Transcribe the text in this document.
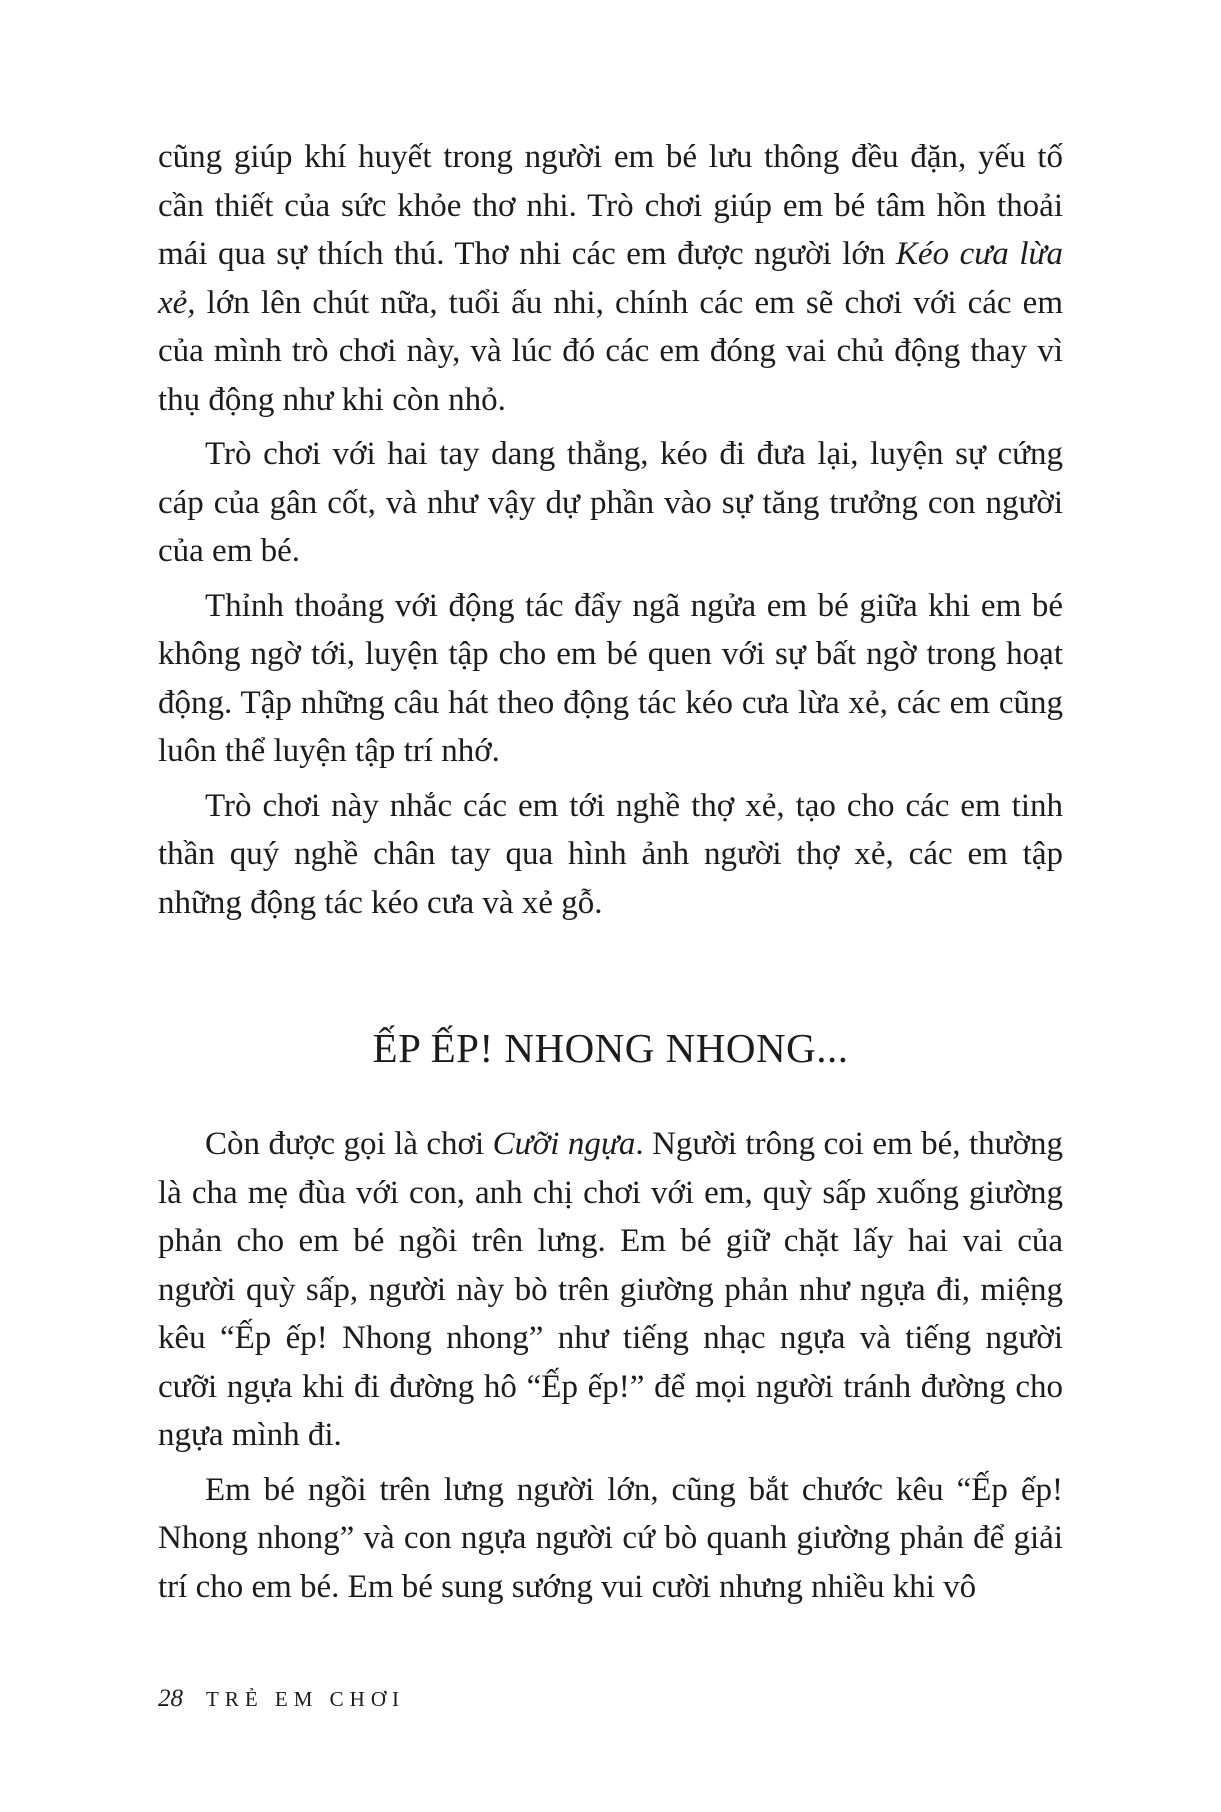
cũng giúp khí huyết trong người em bé lưu thông đều đặn, yếu tố cần thiết của sức khỏe thơ nhi. Trò chơi giúp em bé tâm hồn thoải mái qua sự thích thú. Thơ nhi các em được người lớn Kéo cưa lừa xẻ, lớn lên chút nữa, tuổi ấu nhi, chính các em sẽ chơi với các em của mình trò chơi này, và lúc đó các em đóng vai chủ động thay vì thụ động như khi còn nhỏ.

Trò chơi với hai tay dang thẳng, kéo đi đưa lại, luyện sự cứng cáp của gân cốt, và như vậy dự phần vào sự tăng trưởng con người của em bé.

Thỉnh thoảng với động tác đẩy ngã ngửa em bé giữa khi em bé không ngờ tới, luyện tập cho em bé quen với sự bất ngờ trong hoạt động. Tập những câu hát theo động tác kéo cưa lừa xẻ, các em cũng luôn thể luyện tập trí nhớ.

Trò chơi này nhắc các em tới nghề thợ xẻ, tạo cho các em tinh thần quý nghề chân tay qua hình ảnh người thợ xẻ, các em tập những động tác kéo cưa và xẻ gỗ.

ẾP ẾP! NHONG NHONG...

Còn được gọi là chơi Cưỡi ngựa. Người trông coi em bé, thường là cha mẹ đùa với con, anh chị chơi với em, quỳ sấp xuống giường phản cho em bé ngồi trên lưng. Em bé giữ chặt lấy hai vai của người quỳ sấp, người này bò trên giường phản như ngựa đi, miệng kêu “Ếp ếp! Nhong nhong” như tiếng nhạc ngựa và tiếng người cưỡi ngựa khi đi đường hô “Ếp ếp!” để mọi người tránh đường cho ngựa mình đi.

Em bé ngồi trên lưng người lớn, cũng bắt chước kêu “Ếp ếp! Nhong nhong” và con ngựa người cứ bò quanh giường phản để giải trí cho em bé. Em bé sung sướng vui cười nhưng nhiều khi vô

28 TRẺ EM CHƠI
